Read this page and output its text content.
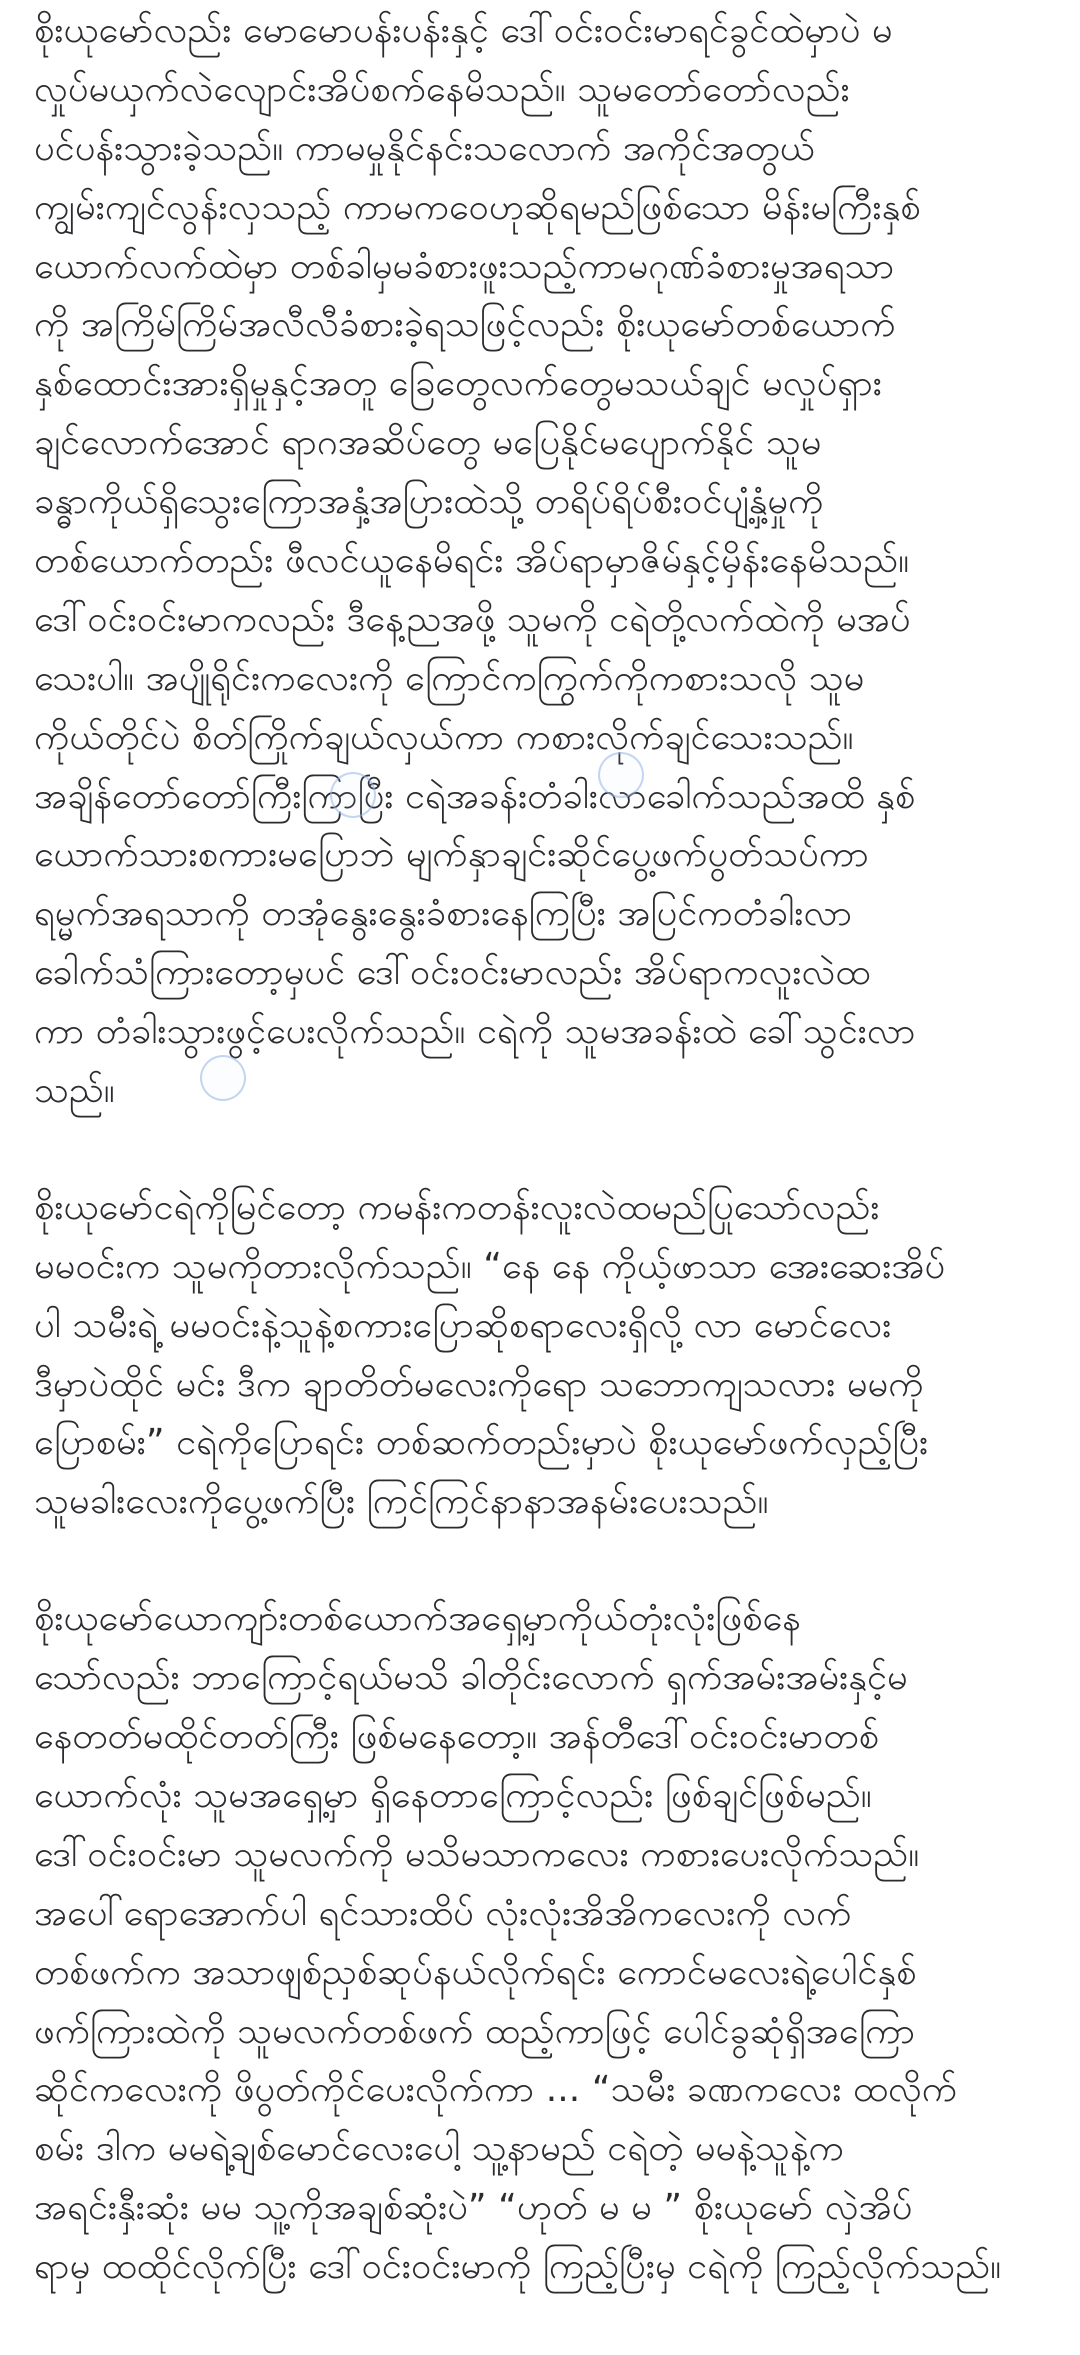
စိုးယုမော်လည်း မောမောပန်းပန်းနှင့် ဒေါ်ဝင်းဝင်းမာရင်ခွင်ထဲမှာပဲ မ
လှုပ်မယှက်လဲလျောင်းအိပ်စက်နေမိသည်။ သူမတော်တော်လည်း
ပင်ပန်းသွားခဲ့သည်။ ကာမမှုနိုင်နင်းသလောက် အကိုင်အတွယ်
ကျွမ်းကျင်လွန်းလှသည့် ကာမကဝေဟုဆိုရမည်ဖြစ်သော မိန်းမကြီးနှစ်
ယောက်လက်ထဲမှာ တစ်ခါမှမခံစားဖူးသည့်ကာမဂုဏ်ခံစားမှုအရသာ
ကို အကြိမ်ကြိမ်အလီလီခံစားခဲ့ရသဖြင့်လည်း စိုးယုမော်တစ်ယောက်
နှစ်ထောင်းအားရှိမှုနှင့်အတူ ခြေတွေလက်တွေမသယ်ချင် မလှုပ်ရှား
ချင်လောက်အောင် ရာဂအဆိပ်တွေ မပြေနိုင်မပျောက်နိုင် သူမ
ခန္ဓာကိုယ်ရှိသွေးကြောအနှံ့အပြားထဲသို့ တရိပ်ရိပ်စီးဝင်ပျံ့နှံ့မှုကို
တစ်ယောက်တည်း ဖီလင်ယူနေမိရင်း အိပ်ရာမှာဇိမ်နှင့်မှိန်းနေမိသည်။
ဒေါ်ဝင်းဝင်းမာကလည်း ဒီနေ့ညအဖို့ သူမကို ငရဲတို့လက်ထဲကို မအပ်
သေးပါ။ အပျိုရိုင်းကလေးကို ကြောင်ကကြွက်ကိုကစားသလို သူမ
ကိုယ်တိုင်ပဲ စိတ်ကြိုက်ချယ်လှယ်ကာ ကစားလိုက်ချင်သေးသည်။
အချိန်တော်တော်ကြီးကြာပြီး ငရဲအခန်းတံခါးလာခေါက်သည်အထိ နှစ်
ယောက်သားစကားမပြောဘဲ မျက်နှာချင်းဆိုင်ပွေ့ဖက်ပွတ်သပ်ကာ
ရမ္မက်အရသာကို တအုံနွေးနွေးခံစားနေကြပြီး အပြင်ကတံခါးလာ
ခေါက်သံကြားတော့မှပင် ဒေါ်ဝင်းဝင်းမာလည်း အိပ်ရာကလူးလဲထ
ကာ တံခါးသွားဖွင့်ပေးလိုက်သည်။ ငရဲကို သူမအခန်းထဲ ခေါ်သွင်းလာ
သည်။
စိုးယုမော်ငရဲကိုမြင်တော့ ကမန်းကတန်းလူးလဲထမည်ပြုသော်လည်း
မမဝင်းက သူမကိုတားလိုက်သည်။ “နေ နေ ကိုယ့်ဖာသာ အေးဆေးအိပ်
ပါ သမီးရဲ့ မမဝင်းနဲ့သူနဲ့စကားပြောဆိုစရာလေးရှိလို့ လာ မောင်လေး
ဒီမှာပဲထိုင် မင်း ဒီက ချာတိတ်မလေးကိုရော သဘောကျသလား မမကို
ပြောစမ်း” ငရဲကိုပြောရင်း တစ်ဆက်တည်းမှာပဲ စိုးယုမော်ဖက်လှည့်ပြီး
သူမခါးလေးကိုပွေ့ဖက်ပြီး ကြင်ကြင်နာနာအနမ်းပေးသည်။
စိုးယုမော်ယောကျာ်းတစ်ယောက်အရှေ့မှာကိုယ်တုံးလုံးဖြစ်နေ
သော်လည်း ဘာကြောင့်ရယ်မသိ ခါတိုင်းလောက် ရှက်အမ်းအမ်းနှင့်မ
နေတတ်မထိုင်တတ်ကြီး ဖြစ်မနေတော့။ အန်တီဒေါ်ဝင်းဝင်းမာတစ်
ယောက်လုံး သူမအရှေ့မှာ ရှိနေတာကြောင့်လည်း ဖြစ်ချင်ဖြစ်မည်။
ဒေါ်ဝင်းဝင်းမာ သူမလက်ကို မသိမသာကလေး ကစားပေးလိုက်သည်။
အပေါ်ရောအောက်ပါ ရင်သားထိပ် လုံးလုံးအိအိကလေးကို လက်
တစ်ဖက်က အသာဖျစ်ညှစ်ဆုပ်နယ်လိုက်ရင်း ကောင်မလေးရဲ့ပေါင်နှစ်
ဖက်ကြားထဲကို သူမလက်တစ်ဖက် ထည့်ကာဖြင့် ပေါင်ခွဆုံရှိအကြော
ဆိုင်ကလေးကို ဖိပွတ်ကိုင်ပေးလိုက်ကာ ... “သမီး ခဏကလေး ထလိုက်
စမ်း ဒါက မမရဲ့ချစ်မောင်လေးပေါ့ သူ့နာမည် ငရဲတဲ့ မမနဲ့သူနဲ့က
အရင်းနှီးဆုံး မမ သူ့ကိုအချစ်ဆုံးပဲ” “ဟုတ် မ မ ” စိုးယုမော် လှဲအိပ်
ရာမှ ထထိုင်လိုက်ပြီး ဒေါ်ဝင်းဝင်းမာကို ကြည့်ပြီးမှ ငရဲကို ကြည့်လိုက်သည်။
